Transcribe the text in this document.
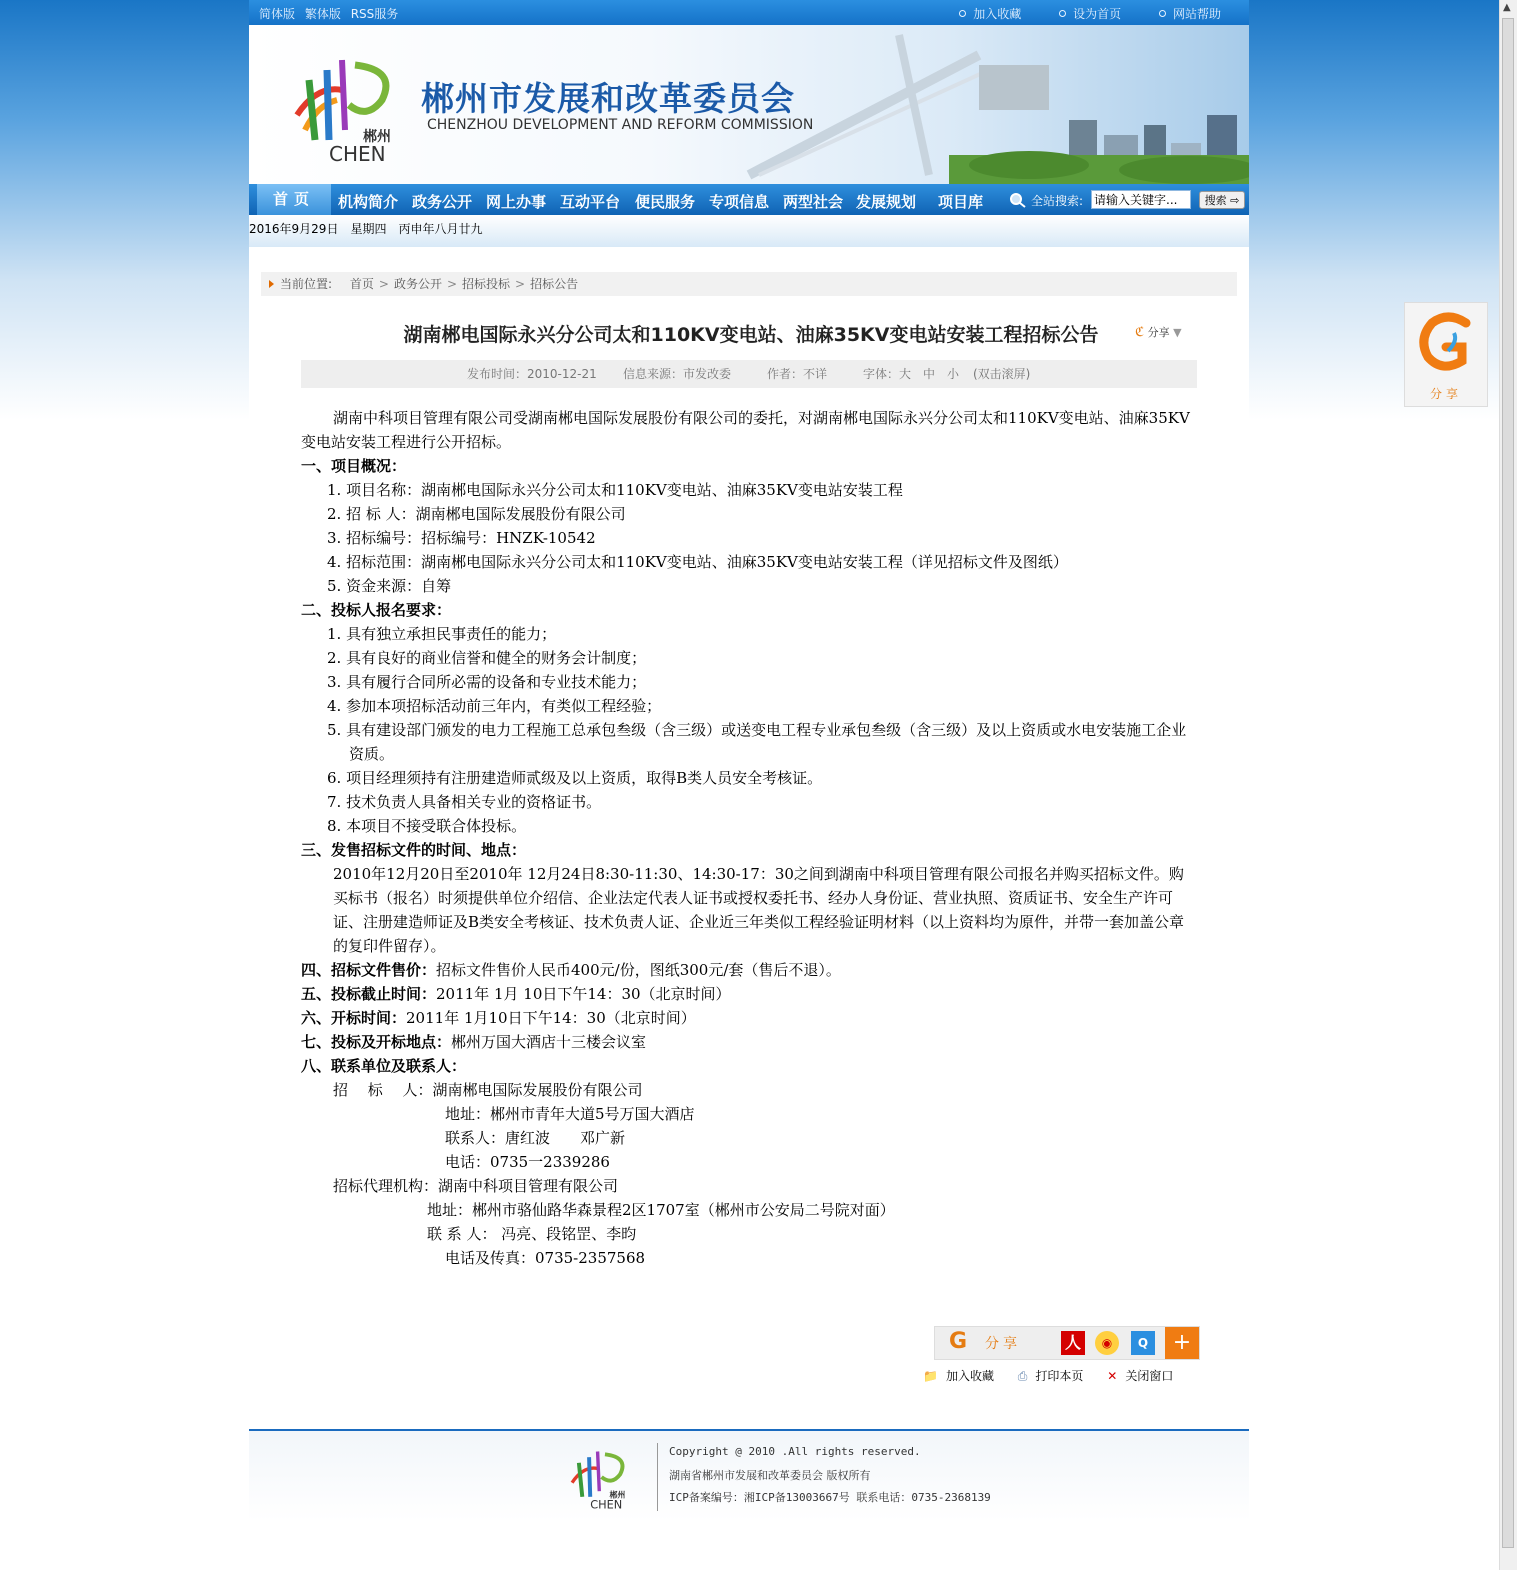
▲
简体版 繁体版 RSS服务	加入收藏	设为首页	网站帮助
郴州
CHEN
郴州市发展和改革委员会
CHENZHOU DEVELOPMENT AND REFORM COMMISSION
首页	机构简介 政务公开 网上办事 互动平台 便民服务 专项信息 两型社会 发展规划 项目库	全站搜索:
请输入关键字...	搜索 ⇨
2016年9月29日　星期四　丙申年八月廿九
当前位置: 首页 > 政务公开 > 招标投标 > 招标公告
湖南郴电国际永兴分公司太和110KV变电站、油麻35KV变电站安装工程招标公告	ℭ 分享 ▼
发布时间：2010-12-21 信息来源：市发改委	作者：不详	字体： 大 中 小 (双击滚屏)

湖南中科项目管理有限公司受湖南郴电国际发展股份有限公司的委托，对湖南郴电国际永兴分公司太和110KV变电站、油麻35KV变电站安装工程进行公开招标。

一、项目概况：

1. 项目名称：湖南郴电国际永兴分公司太和110KV变电站、油麻35KV变电站安装工程

2. 招 标 人：湖南郴电国际发展股份有限公司

3. 招标编号：招标编号：HNZK-10542

4. 招标范围：湖南郴电国际永兴分公司太和110KV变电站、油麻35KV变电站安装工程（详见招标文件及图纸）

5. 资金来源：自筹

二、投标人报名要求：

1. 具有独立承担民事责任的能力；

2. 具有良好的商业信誉和健全的财务会计制度；

3. 具有履行合同所必需的设备和专业技术能力；

4. 参加本项招标活动前三年内，有类似工程经验；

5. 具有建设部门颁发的电力工程施工总承包叁级（含三级）或送变电工程专业承包叁级（含三级）及以上资质或水电安装施工企业资质。

6. 项目经理须持有注册建造师贰级及以上资质，取得B类人员安全考核证。

7. 技术负责人具备相关专业的资格证书。

8. 本项目不接受联合体投标。

三、发售招标文件的时间、地点：

2010年12月20日至2010年 12月24日8:30-11:30、14:30-17：30之间到湖南中科项目管理有限公司报名并购买招标文件。购买标书（报名）时须提供单位介绍信、企业法定代表人证书或授权委托书、经办人身份证、营业执照、资质证书、安全生产许可证、注册建造师证及B类安全考核证、技术负责人证、企业近三年类似工程经验证明材料（以上资料均为原件，并带一套加盖公章的复印件留存）。

四、招标文件售价：招标文件售价人民币400元/份，图纸300元/套（售后不退）。

五、投标截止时间：2011年 1月 10日下午14：30（北京时间）

六、开标时间：2011年 1月10日下午14：30（北京时间）

七、投标及开标地点：郴州万国大酒店十三楼会议室

八、联系单位及联系人：

招　 标　 人：湖南郴电国际发展股份有限公司

地址：郴州市青年大道5号万国大酒店

联系人：唐红波　　邓广新

电话：0735一2339286

招标代理机构：湖南中科项目管理有限公司

地址：郴州市骆仙路华森景程2区1707室（郴州市公安局二号院对面）

联 系 人： 冯亮、段铭罡、李昀

电话及传真：0735-2357568

G 分享	人	◉	Q	+
📁 加入收藏 ⎙ 打印本页 ✕ 关闭窗口
郴州
CHEN
Copyright @ 2010 .All rights reserved.
湖南省郴州市发展和改革委员会 版权所有
ICP备案编号：湘ICP备13003667号 联系电话：0735-2368139
分享
